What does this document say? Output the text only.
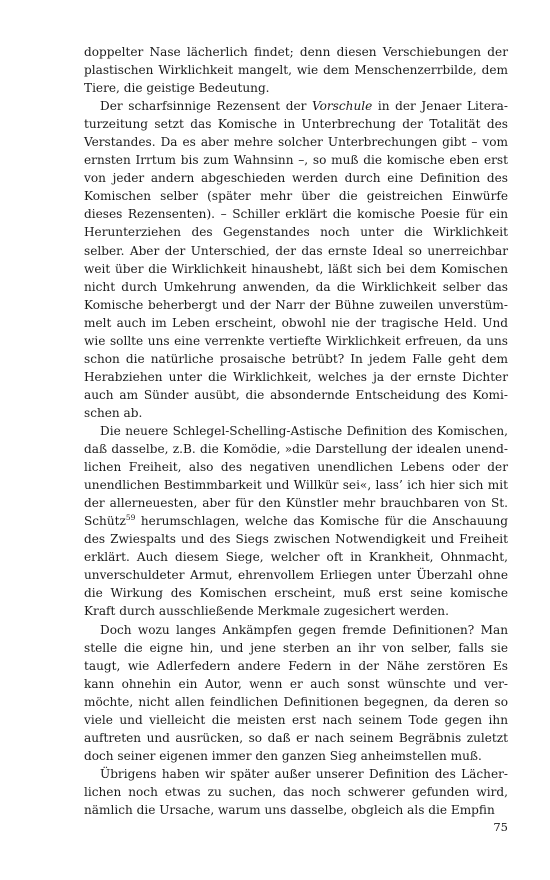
doppelter Nase lächerlich findet; denn diesen Verschiebungen der plastischen Wirklichkeit mangelt, wie dem Menschenzerrbilde, dem Tiere, die geistige Bedeutung.

Der scharfsinnige Rezensent der Vorschule in der Jenaer Literaturzeitung setzt das Komische in Unterbrechung der Totalität des Verstandes. Da es aber mehre solcher Unterbrechungen gibt – vom ernsten Irrtum bis zum Wahnsinn –, so muß die komische eben erst von jeder andern abgeschieden werden durch eine Definition des Komischen selber (später mehr über die geistreichen Einwürfe dieses Rezensenten). – Schiller erklärt die komische Poesie für ein Herunterziehen des Gegenstandes noch unter die Wirklichkeit selber. Aber der Unterschied, der das ernste Ideal so unerreichbar weit über die Wirklichkeit hinaushebt, läßt sich bei dem Komischen nicht durch Umkehrung anwenden, da die Wirklichkeit selber das Komische beherbergt und der Narr der Bühne zuweilen unverstümmelt auch im Leben erscheint, obwohl nie der tragische Held. Und wie sollte uns eine verrenkte vertiefte Wirklichkeit erfreuen, da uns schon die natürliche prosaische betrübt? In jedem Falle geht dem Herabziehen unter die Wirklichkeit, welches ja der ernste Dichter auch am Sünder ausübt, die absondernde Entscheidung des Komischen ab.

Die neuere Schlegel-Schelling-Astische Definition des Komischen, daß dasselbe, z.B. die Komödie, »die Darstellung der idealen unendlichen Freiheit, also des negativen unendlichen Lebens oder der unendlichen Bestimmbarkeit und Willkür sei«, lass’ ich hier sich mit der allerneuesten, aber für den Künstler mehr brauchbaren von St. Schütz$^{59}$ herumschlagen, welche das Komische für die Anschauung des Zwiespalts und des Siegs zwischen Notwendigkeit und Freiheit erklärt. Auch diesem Siege, welcher oft in Krankheit, Ohnmacht, unverschuldeter Armut, ehrenvollem Erliegen unter Überzahl ohne die Wirkung des Komischen erscheint, muß erst seine komische Kraft durch ausschließende Merkmale zugesichert werden.

Doch wozu langes Ankämpfen gegen fremde Definitionen? Man stelle die eigne hin, und jene sterben an ihr von selber, falls sie taugt, wie Adlerfedern andere Federn in der Nähe zerstören Es kann ohnehin ein Autor, wenn er auch sonst wünschte und vermöchte, nicht allen feindlichen Definitionen begegnen, da deren so viele und vielleicht die meisten erst nach seinem Tode gegen ihn auftreten und ausrücken, so daß er nach seinem Begräbnis zuletzt doch seiner eigenen immer den ganzen Sieg anheimstellen muß.

Übrigens haben wir später außer unserer Definition des Lächerlichen noch etwas zu suchen, das noch schwerer gefunden wird, nämlich die Ursache, warum uns dasselbe, obgleich als die Empfin

75
